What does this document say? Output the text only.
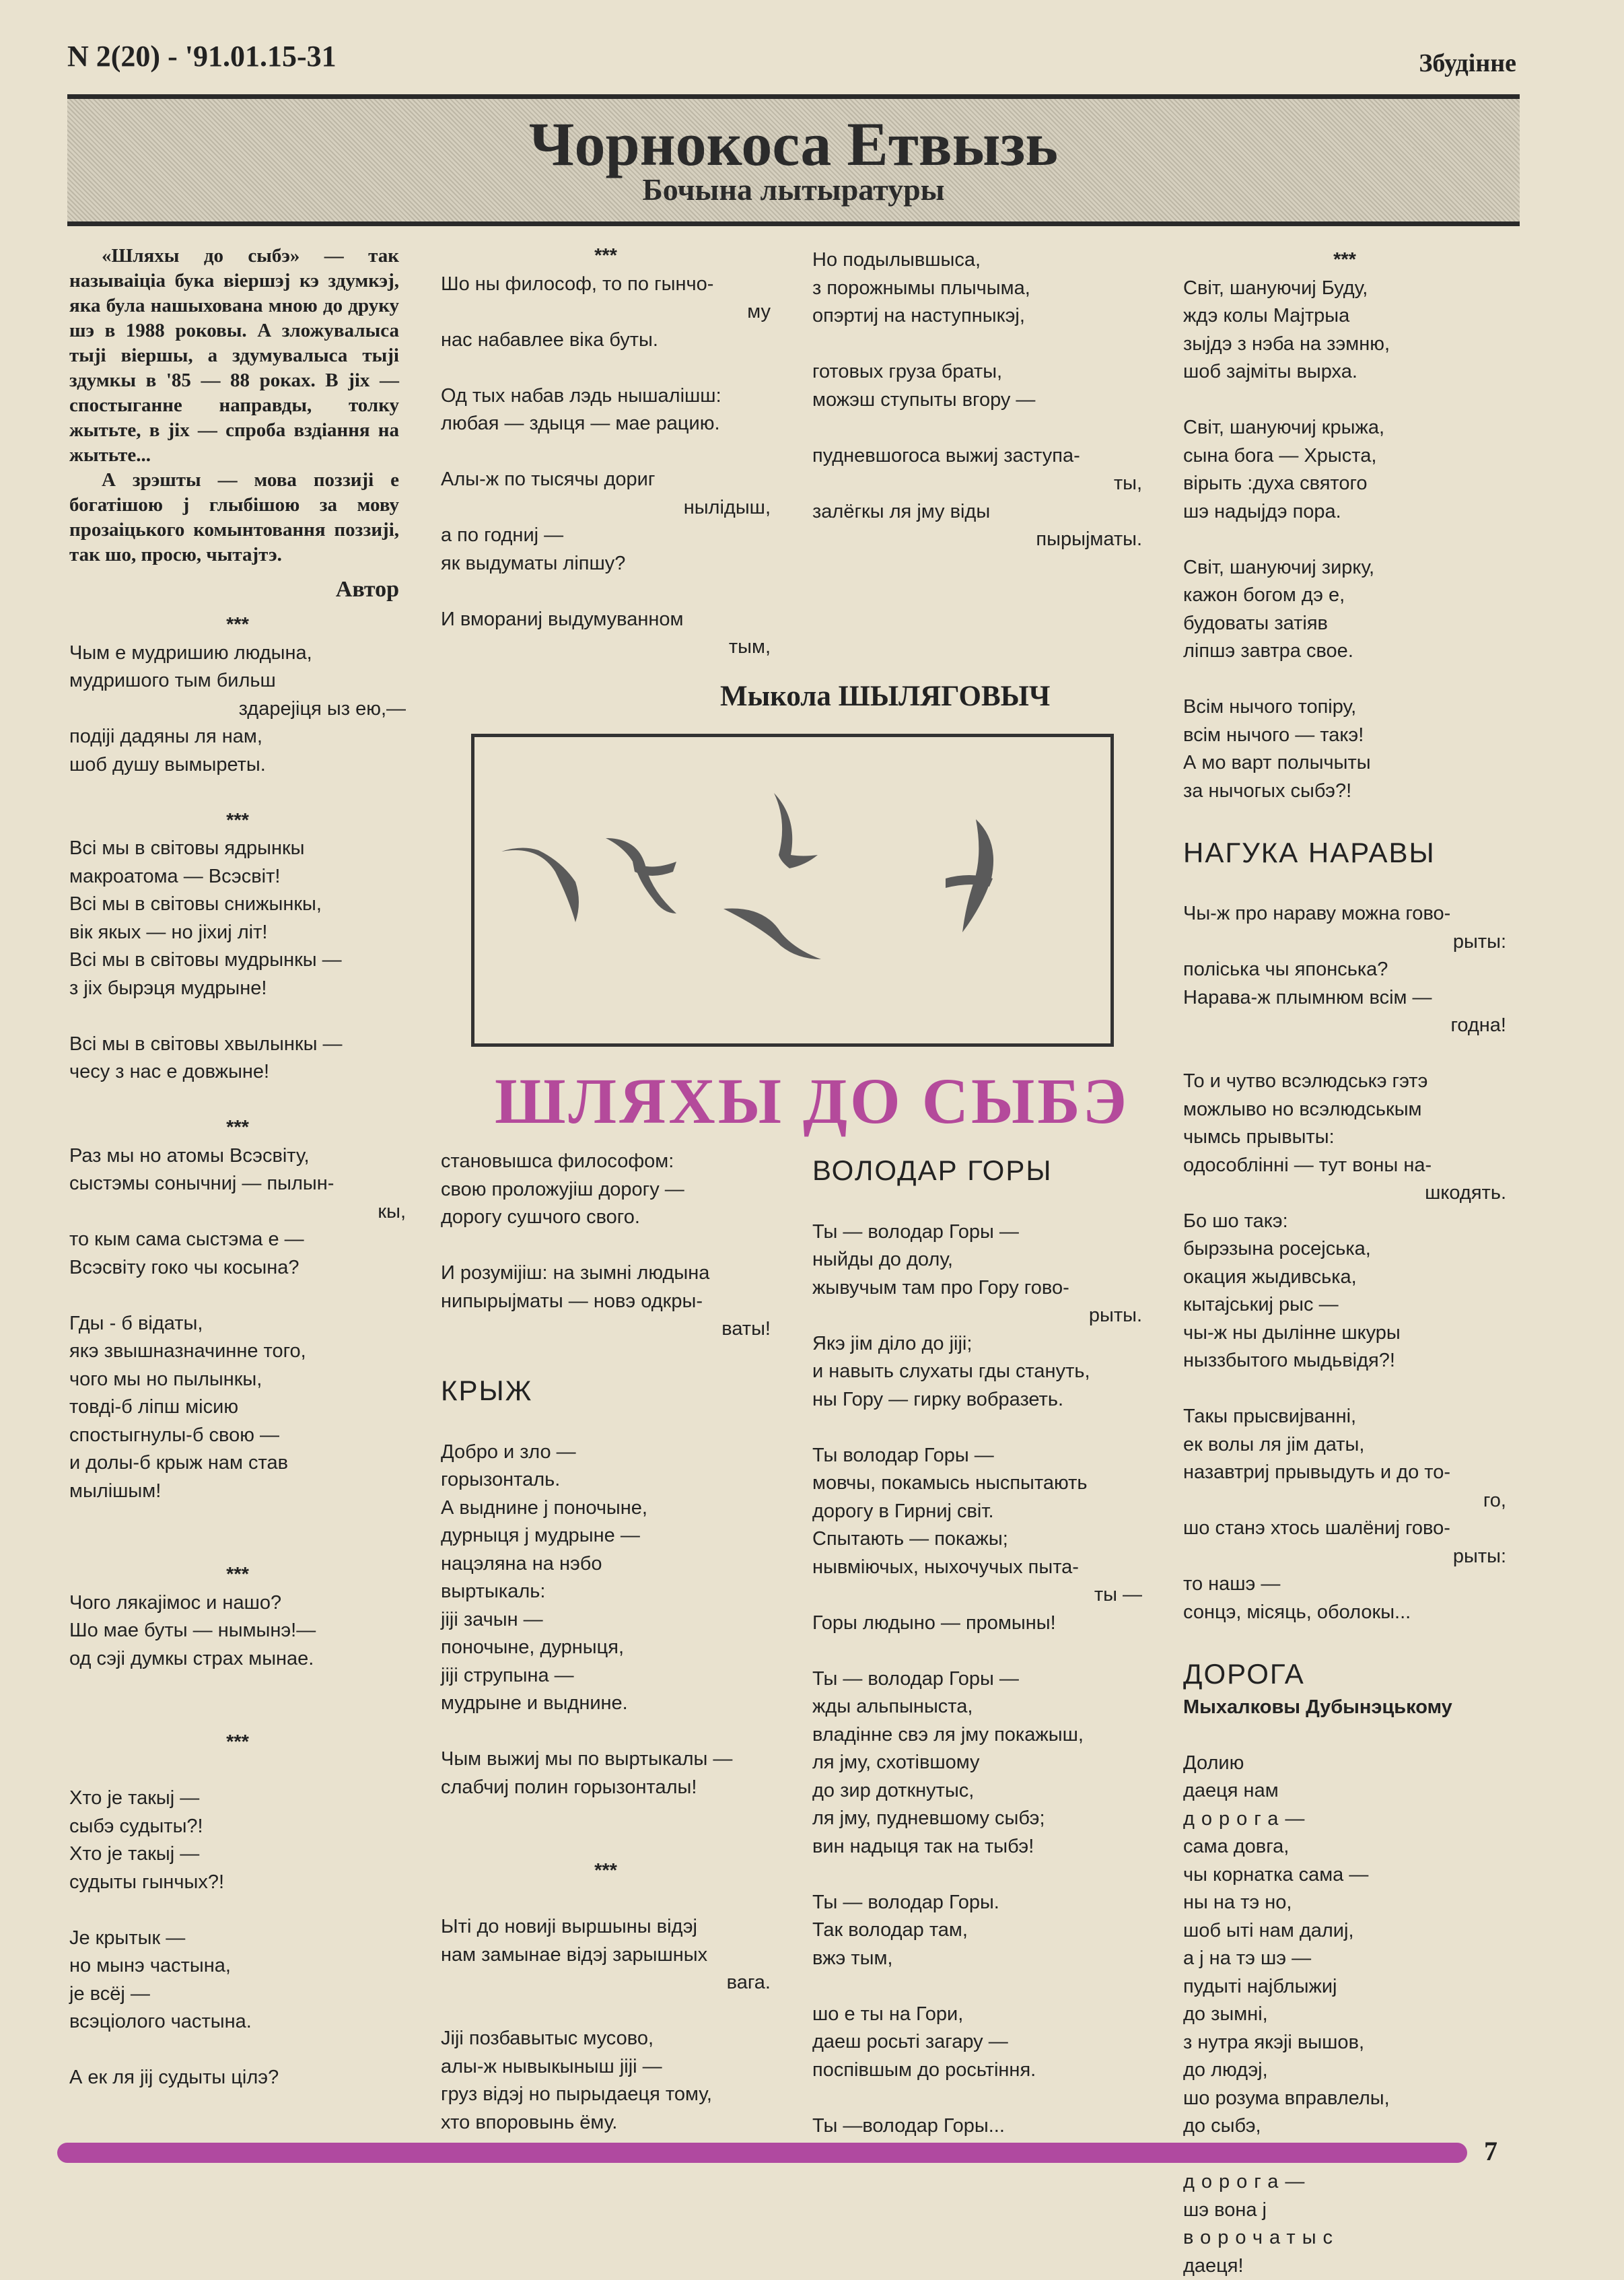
N 2(20) - '91.01.15-31	Збудінне
Чорнокоса Етвызь
Бочына лытыратуры

«Шляхы до сыбэ» — так называіціа бука віершэј кэ здумкэј, яка була нашыхована мною до друку шэ в 1988 роковы. А зложувалыса тыјі віершы, а здумувалыса тыјі здумкы в '85 — 88 роках. В јіх — спостыганне направды, толку жытьте, в јіх — спроба вздіання на жытьте...

А зрэшты — мова поззијі е богатішою ј глыбішою за мову прозаіцького комынтовання поззијі, так шо, просю, чытајтэ.

Автор
***
Чым е мудришию людына,
мудришого тым бильш
здарејіця ыз ею,—
подіјі дадяны ля нам,
шоб душу вымыреты.

***
Всі мы в світовы ядрынкы
макроатома — Всэсвіт!
Всі мы в світовы снижынкы,
вік якых — но јіхиј літ!
Всі мы в світовы мудрынкы —
з јіх бырэця мудрыне!

Всі мы в світовы хвылынкы —
чесу з нас е довжыне!

***
Раз мы но атомы Всэсвіту,
сыстэмы сонычниј — пылын-
кы,
то кым сама сыстэма е —
Всэсвіту гоко чы косына?

Гды - б вiдаты,
якэ звышназначинне того,
чого мы но пылынкы,
товді-б лiпш місию
спостыгнулы-б свою —
и долы-б крыж нам став
мылішым!

***
Чого лякајімос и нашо?
Шо мае буты — нымынэ!—
од сэјі думкы страх мынае.

***

Хто је такыј —
сыбэ судыты?!
Хто је такыј —
судыты гынчых?!

Је крытык —
но мынэ частына,
је всёј —
всэціолого частына.

А ек ля јіј судыты цілэ?
***
Шо ны философ, то по гынчо-
му
нас набавлее віка буты.

Од тых набав лэдь нышалішш:
любая — здыця — мае рацию.

Алы-ж по тысячы дориг
нылідыш,
а по годниј —
як выдуматы ліпшу?

И вмораниј выдумуванном
тым,
Но подылывшыса,
з порожнымы плычыма,
опэртиј на наступныкэј,

готовых груза браты,
можэш ступыты вгору —

пудневшогоса выжиј заступа-
ты,
залёгкы ля јму віды
пырыјматы.
***
Світ, шануючиј Буду,
ждэ колы Мајтрыа
зыјдэ з нэба на зэмню,
шоб зајміты вырха.

Світ, шануючиј крыжа,
сына бога — Хрыста,
вірыть :духа святого
шэ надыјдэ пора.

Світ, шануючиј зирку,
кажон богом дэ е,
будоваты затіяв
ліпшэ завтра свое.

Всім нычого топіру,
всім нычого — такэ!
А мо варт полычыты
за нычогых сыбэ?!

НАГУКА НАРАВЫ

Чы-ж про нараву можна гово-
рыты:
поліська чы японська?
Нарава-ж плымнюм всім —
годна!

То и чутво всэлюдськэ гэтэ
можлыво но всэлюдськым
чымсь прывыты:
одособлінні — тут воны на-
шкодять.
Бо шо такэ:
бырэзына росејська,
окация жыдивська,
кытајськиј рыс —
чы-ж ны дылінне шкуры
ныззбытого мыдьвідя?!

Такы прысвијванні,
ек волы ля јім даты,
назавтриј прывыдуть и до то-
го,
шо станэ хтось шалёниј гово-
рыты:
то нашэ —
сонцэ, місяць, оболокы...

ДОРОГА
Мыхалковы Дубынэцькому

Долию
даеця нам
дорога—
сама довга,
чы корнатка сама —
ны на тэ но,
шоб ыті нам далиј,
а ј на тэ шэ —
пудыті најблыжиј
до зымні,
з нутра якэјі вышов,
до людэј,
шо розума вправлелы,
до сыбэ,
дорога—
шэ вона ј
ворочатыс
даеця!
становышса философом:
свою проложујіш дорогу —
дорогу сушчого свого.

И розуміјіш: на зымні людына
нипырыјматы — новэ одкры-
ваты!

КРЫЖ

Добро и зло —
горызонталь.
А выднине ј поночыне,
дурныця ј мудрыне —
нацэляна на нэбо
выртыкаль:
јіјі зачын —
поночыне, дурныця,
јіјі струпына —
мудрыне и выднине.

Чым выжиј мы по выртыкалы —
слабчиј полин горызонталы!

***

Ыті до новијі выршыны відэј
нам замынае відэј зарышных
вага.

Јіјі позбавытыс мусово,
алы-ж нывыкыныш јіјі —
груз відэј но пырыдаеця тому,
хто впоровынь ёму.
ВОЛОДАР ГОРЫ

Ты — володар Горы —
ныйды до долу,
жывучым там про Гору гово-
рыты.
Якэ јім діло до јіјі;
и навыть слухаты гды стануть,
ны Гору — гирку вобразеть.

Ты володар Горы —
мовчы, покамысь ныспытають
дорогу в Гирниј світ.
Спытають — покажы;
нывміючых, ныхочучых пыта-
ты —
Горы людыно — промыны!

Ты — володар Горы —
жды альпыныста,
владінне свэ ля јму покажыш,
ля јму, схотівшому
до зир доткнутыс,
ля јму, пудневшому сыбэ;
вин надыця так на тыбэ!

Ты — володар Горы.
Так володар там,
вжэ тым,

шо е ты на Гори,
даеш росьті загару —
поспівшым до росьтіння.

Ты —володар Горы...
Мыкола ШЫЛЯГОВЫЧ
ШЛЯХЫ ДО СЫБЭ
7
